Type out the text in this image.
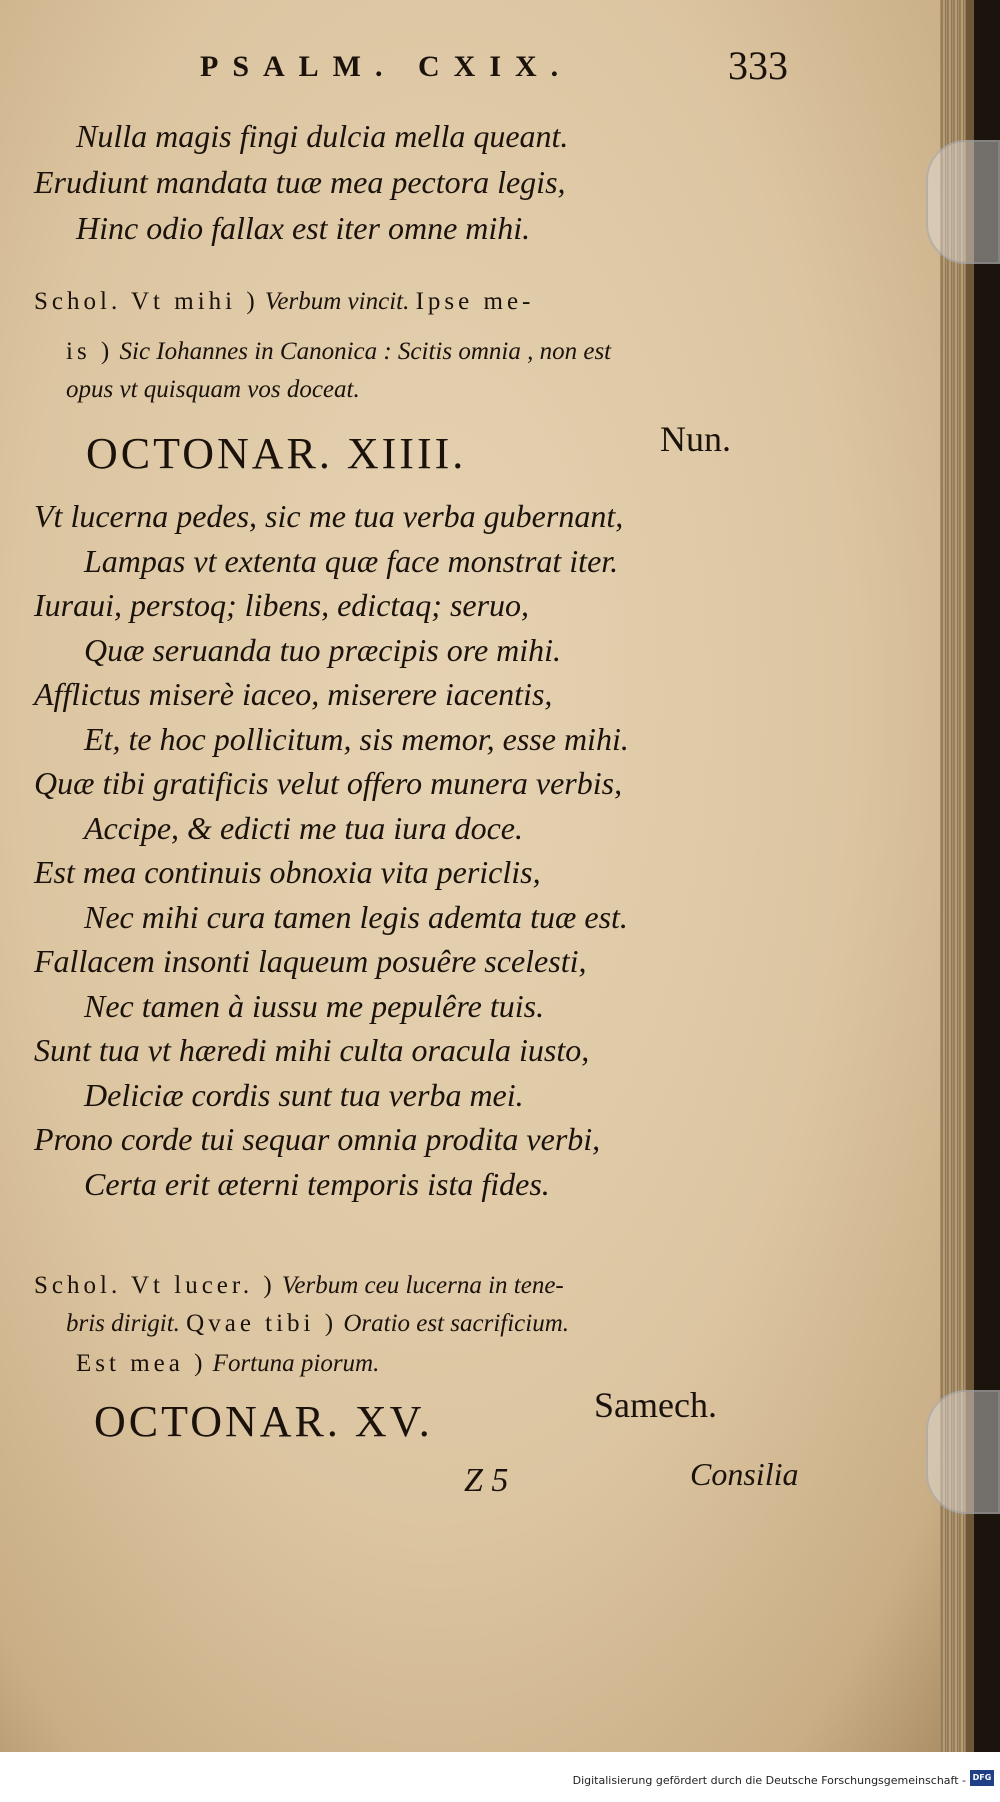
PSALM. CXIX.	333
Nulla magis fingi dulcia mella queant.
Erudiunt mandata tuæ mea pectora legis,
Hinc odio fallax est iter omne mihi.
Schol. Vt mihi ) Verbum vincit. Ipse me-
is ) Sic Iohannes in Canonica : Scitis omnia , non est
opus vt quisquam vos doceat.
OCTONAR. XIIII.	Nun.
Vt lucerna pedes, sic me tua verba gubernant,
Lampas vt extenta quæ face monstrat iter.
Iuraui, perstoq; libens, edictaq; seruo,
Quæ seruanda tuo præcipis ore mihi.
Afflictus miserè iaceo, miserere iacentis,
Et, te hoc pollicitum, sis memor, esse mihi.
Quæ tibi gratificis velut offero munera verbis,
Accipe, & edicti me tua iura doce.
Est mea continuis obnoxia vita periclis,
Nec mihi cura tamen legis ademta tuæ est.
Fallacem insonti laqueum posuêre scelesti,
Nec tamen à iussu me pepulêre tuis.
Sunt tua vt hæredi mihi culta oracula iusto,
Deliciæ cordis sunt tua verba mei.
Prono corde tui sequar omnia prodita verbi,
Certa erit æterni temporis ista fides.
Schol. Vt lucer. ) Verbum ceu lucerna in tene-
bris dirigit. Qvae tibi ) Oratio est sacrificium.
Est mea ) Fortuna piorum.
OCTONAR. XV.	Samech.
Z 5	Consilia
Digitalisierung gefördert durch die Deutsche Forschungsgemeinschaft - DFG
